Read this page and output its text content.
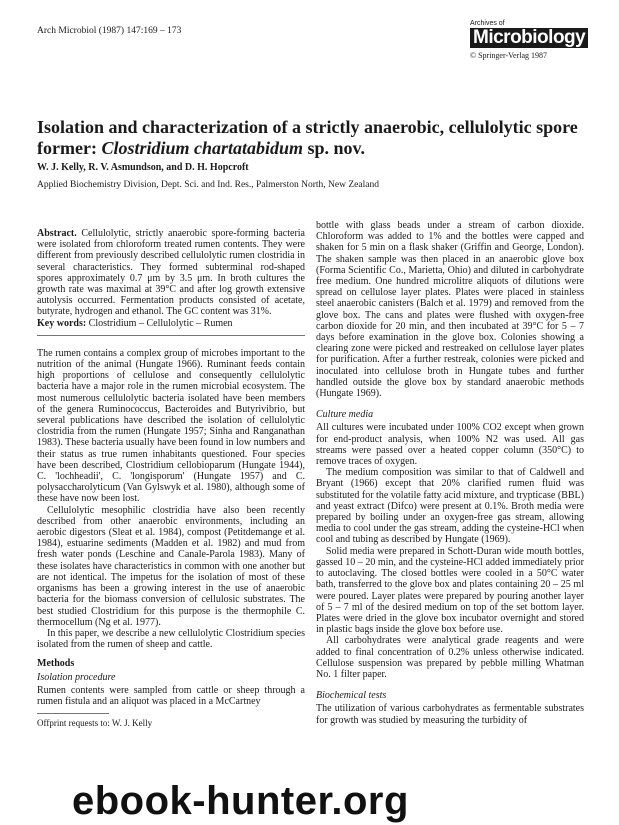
Arch Microbiol (1987) 147:169 – 173
Archives of
Microbiology
© Springer-Verlag 1987
Isolation and characterization of a strictly anaerobic, cellulolytic spore former: Clostridium chartatabidum sp. nov.
W. J. Kelly, R. V. Asmundson, and D. H. Hopcroft
Applied Biochemistry Division, Dept. Sci. and Ind. Res., Palmerston North, New Zealand

Abstract. Cellulolytic, strictly anaerobic spore-forming bacteria were isolated from chloroform treated rumen contents. They were different from previously described cellulolytic rumen clostridia in several characteristics. They formed subterminal rod-shaped spores approximately 0.7 μm by 3.5 μm. In broth cultures the growth rate was maximal at 39°C and after log growth extensive autolysis occurred. Fermentation products consisted of acetate, butyrate, hydrogen and ethanol. The GC content was 31%.

Key words: Clostridium – Cellulolytic – Rumen

The rumen contains a complex group of microbes important to the nutrition of the animal (Hungate 1966). Ruminant feeds contain high proportions of cellulose and consequently cellulolytic bacteria have a major role in the rumen microbial ecosystem. The most numerous cellulolytic bacteria isolated have been members of the genera Ruminococcus, Bacteroides and Butyrivibrio, but several publications have described the isolation of cellulolytic clostridia from the rumen (Hungate 1957; Sinha and Ranganathan 1983). These bacteria usually have been found in low numbers and their status as true rumen inhabitants questioned. Four species have been described, Clostridium cellobioparum (Hungate 1944), C. 'lochheadii', C. 'longisporum' (Hungate 1957) and C. polysaccharolyticum (Van Gylswyk et al. 1980), although some of these have now been lost.

Cellulolytic mesophilic clostridia have also been recently described from other anaerobic environments, including an aerobic digestors (Sleat et al. 1984), compost (Petitdemange et al. 1984), estuarine sediments (Madden et al. 1982) and mud from fresh water ponds (Leschine and Canale-Parola 1983). Many of these isolates have characteristics in common with one another but are not identical. The impetus for the isolation of most of these organisms has been a growing interest in the use of anaerobic bacteria for the biomass conversion of cellulosic substrates. The best studied Clostridium for this purpose is the thermophile C. thermocellum (Ng et al. 1977).

In this paper, we describe a new cellulolytic Clostridium species isolated from the rumen of sheep and cattle.

Methods
Isolation procedure

Rumen contents were sampled from cattle or sheep through a rumen fistula and an aliquot was placed in a McCartney

Offprint requests to: W. J. Kelly

bottle with glass beads under a stream of carbon dioxide. Chloroform was added to 1% and the bottles were capped and shaken for 5 min on a flask shaker (Griffin and George, London). The shaken sample was then placed in an anaerobic glove box (Forma Scientific Co., Marietta, Ohio) and diluted in carbohydrate free medium. One hundred microlitre aliquots of dilutions were spread on cellulose layer plates. Plates were placed in stainless steel anaerobic canisters (Balch et al. 1979) and removed from the glove box. The cans and plates were flushed with oxygen-free carbon dioxide for 20 min, and then incubated at 39°C for 5 – 7 days before examination in the glove box. Colonies showing a clearing zone were picked and restreaked on cellulose layer plates for purification. After a further restreak, colonies were picked and inoculated into cellulose broth in Hungate tubes and further handled outside the glove box by standard anaerobic methods (Hungate 1969).

Culture media

All cultures were incubated under 100% CO2 except when grown for end-product analysis, when 100% N2 was used. All gas streams were passed over a heated copper column (350°C) to remove traces of oxygen.

The medium composition was similar to that of Caldwell and Bryant (1966) except that 20% clarified rumen fluid was substituted for the volatile fatty acid mixture, and trypticase (BBL) and yeast extract (Difco) were present at 0.1%. Broth media were prepared by boiling under an oxygen-free gas stream, allowing media to cool under the gas stream, adding the cysteine-HCl when cool and tubing as described by Hungate (1969).

Solid media were prepared in Schott-Duran wide mouth bottles, gassed 10 – 20 min, and the cysteine-HCl added immediately prior to autoclaving. The closed bottles were cooled in a 50°C water bath, transferred to the glove box and plates containing 20 – 25 ml were poured. Layer plates were prepared by pouring another layer of 5 – 7 ml of the desired medium on top of the set bottom layer. Plates were dried in the glove box incubator overnight and stored in plastic bags inside the glove box before use.

All carbohydrates were analytical grade reagents and were added to final concentration of 0.2% unless otherwise indicated. Cellulose suspension was prepared by pebble milling Whatman No. 1 filter paper.

Biochemical tests

The utilization of various carbohydrates as fermentable substrates for growth was studied by measuring the turbidity of

ebook-hunter.org
